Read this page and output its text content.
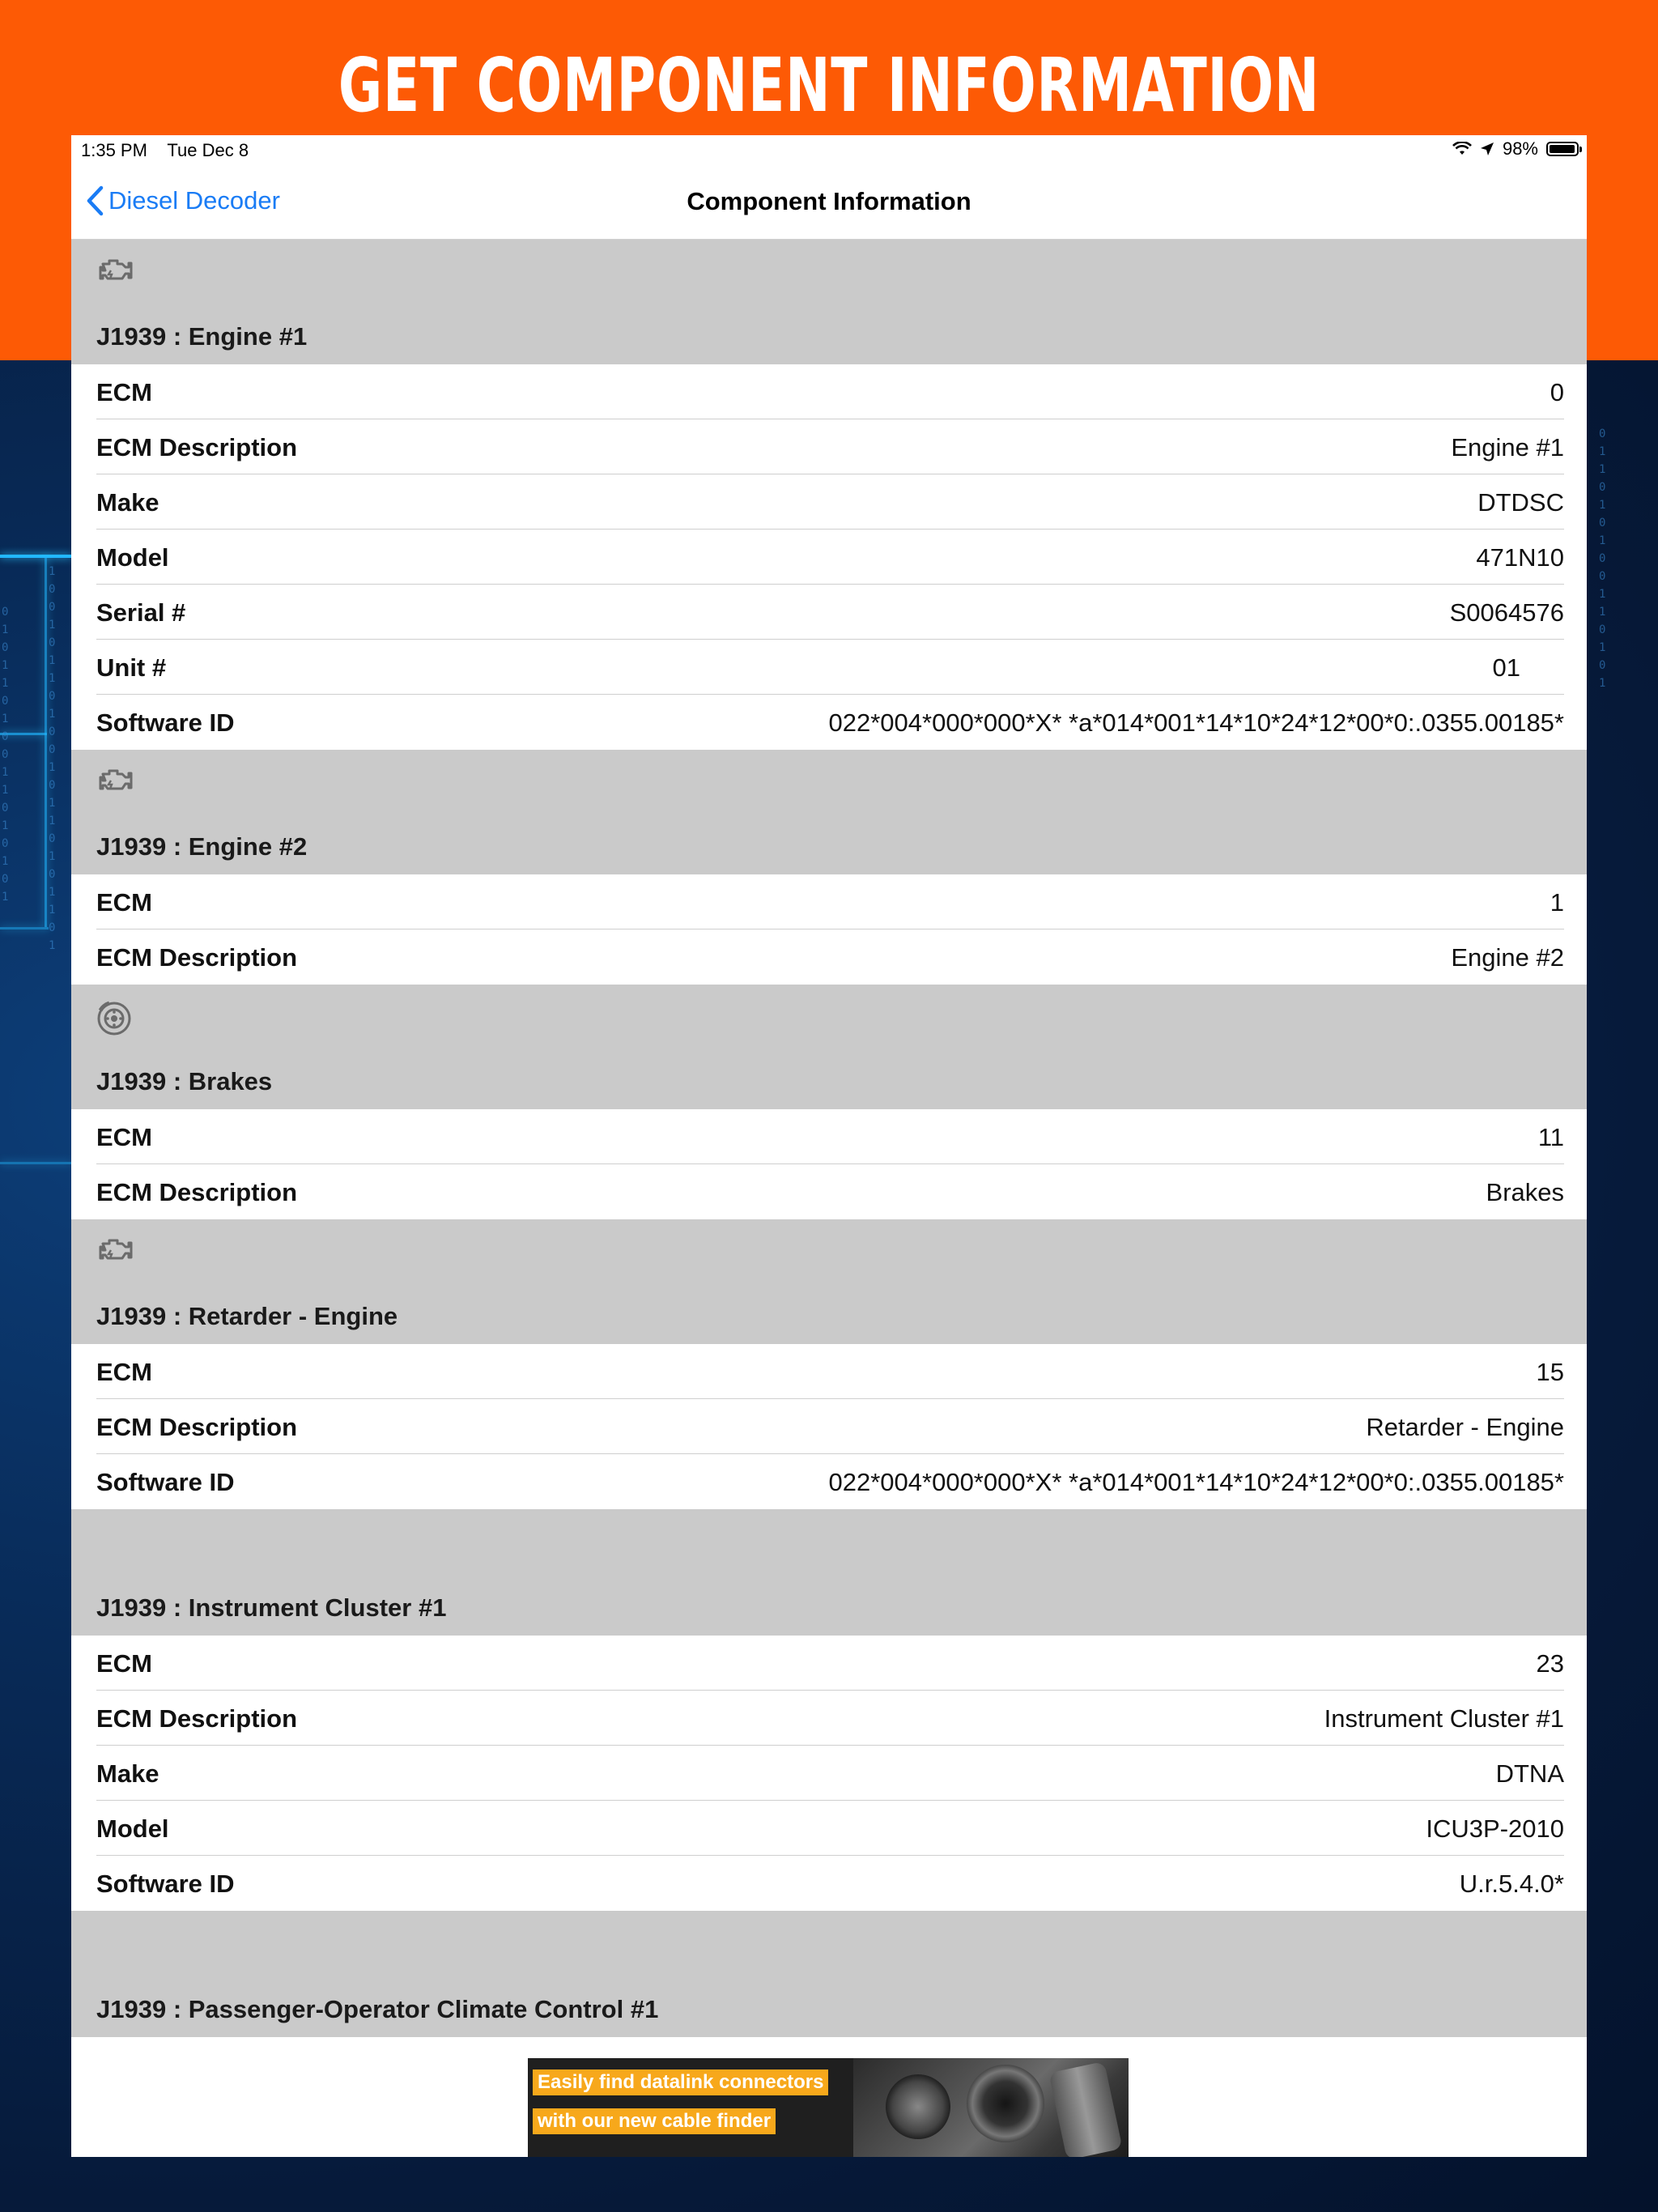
0
1
0
1
1
0
1
0
0
1
1
0
1
0
1
0
1
1
0
0
1
0
1
1
0
1
0
0
1
0
1
1
0
1
0
1
1
0
1
0
1
1
0
1
0
1
0
0
1
1
0
1
0
1
GET COMPONENT INFORMATION
1:35 PM Tue Dec 8	98%
Diesel Decoder	Component Information
J1939 : Engine #1
ECM	0
ECM Description	Engine #1
Make	DTDSC
Model	471N10
Serial #	S0064576
Unit #	01
Software ID	022*004*000*000*X* *a*014*001*14*10*24*12*00*0:.0355.00185*
J1939 : Engine #2
ECM	1
ECM Description	Engine #2
J1939 : Brakes
ECM	11
ECM Description	Brakes
J1939 : Retarder - Engine
ECM	15
ECM Description	Retarder - Engine
Software ID	022*004*000*000*X* *a*014*001*14*10*24*12*00*0:.0355.00185*
J1939 : Instrument Cluster #1
ECM	23
ECM Description	Instrument Cluster #1
Make	DTNA
Model	ICU3P-2010
Software ID	U.r.5.4.0*
J1939 : Passenger-Operator Climate Control #1
Easily find datalink connectors
with our new cable finder
